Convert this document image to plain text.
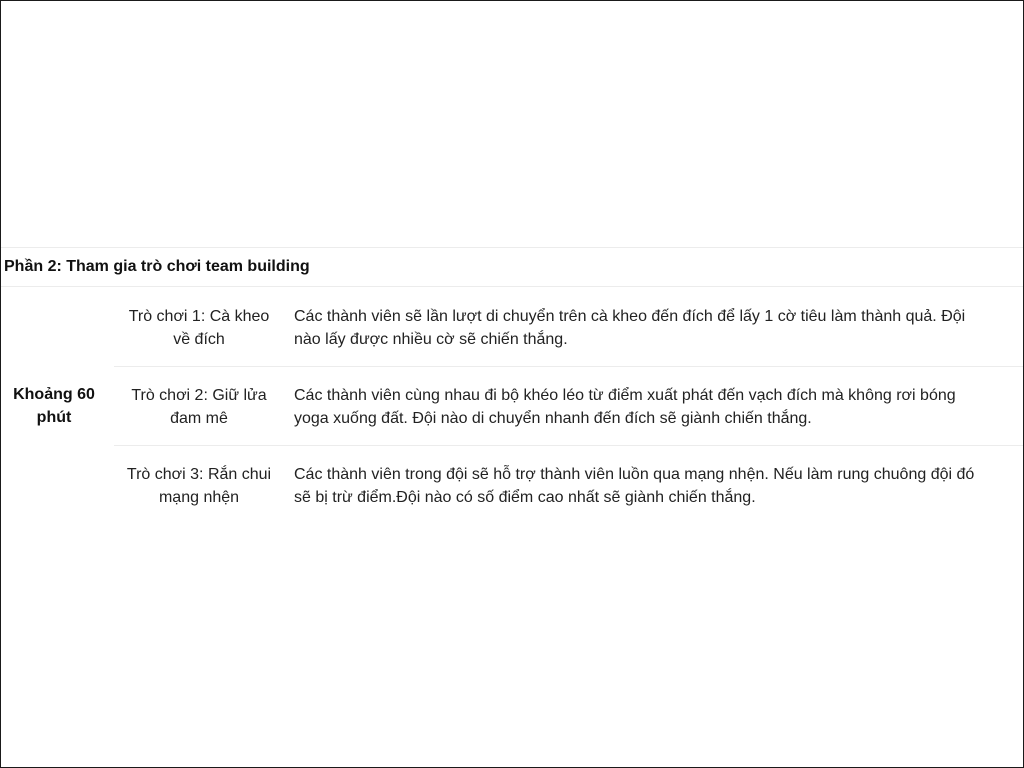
Phần 2: Tham gia trò chơi team building
Khoảng 60
phút
Trò chơi 1: Cà kheo
về đích
Các thành viên sẽ lần lượt di chuyển trên cà kheo đến đích để lấy 1 cờ tiêu làm thành quả. Đội
nào lấy được nhiều cờ sẽ chiến thắng.
Trò chơi 2: Giữ lửa
đam mê
Các thành viên cùng nhau đi bộ khéo léo từ điểm xuất phát đến vạch đích mà không rơi bóng
yoga xuống đất. Đội nào di chuyển nhanh đến đích sẽ giành chiến thắng.
Trò chơi 3: Rắn chui
mạng nhện
Các thành viên trong đội sẽ hỗ trợ thành viên luồn qua mạng nhện. Nếu làm rung chuông đội đó
sẽ bị trừ điểm.Đội nào có số điểm cao nhất sẽ giành chiến thắng.
